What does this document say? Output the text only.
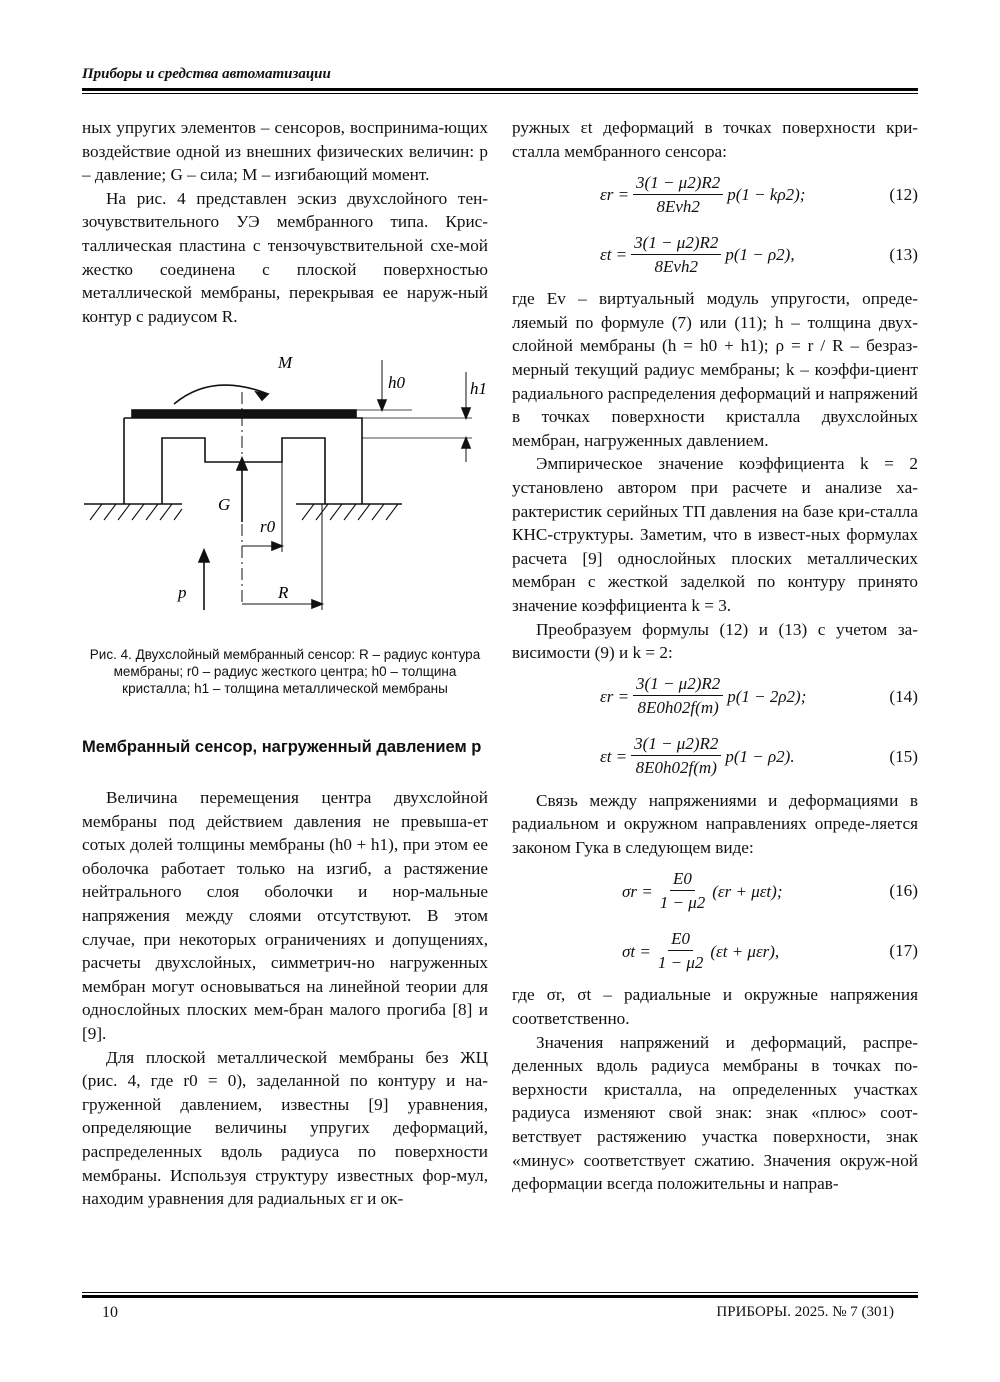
Приборы и средства автоматизации

ных упругих элементов – сенсоров, воспринима-ющих воздействие одной из внешних физических величин: p – давление; G – сила; M – изгибающий момент.

На рис. 4 представлен эскиз двухслойного тен-зочувствительного УЭ мембранного типа. Крис-таллическая пластина с тензочувствительной схе-мой жестко соединена с плоской поверхностью металлической мембраны, перекрывая ее наруж-ный контур с радиусом R.

M
h0	h1
G
r0
p	R
Рис. 4. Двухслойный мембранный сенсор: R – радиус контура мембраны; r0 – радиус жесткого центра; h0 – толщина кристалла; h1 – толщина металлической мембраны
Мембранный сенсор, нагруженный давлением p

Величина перемещения центра двухслойной мембраны под действием давления не превыша-ет сотых долей толщины мембраны (h0 + h1), при этом ее оболочка работает только на изгиб, а растяжение нейтрального слоя оболочки и нор-мальные напряжения между слоями отсутствуют. В этом случае, при некоторых ограничениях и допущениях, расчеты двухслойных, симметрич-но нагруженных мембран могут основываться на линейной теории для однослойных плоских мем-бран малого прогиба [8] и [9].

Для плоской металлической мембраны без ЖЦ (рис. 4, где r0 = 0), заделанной по контуру и на-груженной давлением, известны [9] уравнения, определяющие величины упругих деформаций, распределенных вдоль радиуса по поверхности мембраны. Используя структуру известных фор-мул, находим уравнения для радиальных εr и ок-

ружных εt деформаций в точках поверхности кри-сталла мембранного сенсора:

$\varepsilon r = \frac{3(1 - \mu 2)R2}{\text{8Evh2}} p(1 - k\rho 2)$;	(12)
$\varepsilon t = \frac{3(1 - \mu 2)R2}{\text{8Evh2}} p(1 - \rho 2)$,	(13)

где Ev – виртуальный модуль упругости, опреде-ляемый по формуле (7) или (11); h – толщина двух-слойной мембраны (h = h0 + h1); ρ = r / R – безраз-мерный текущий радиус мембраны; k – коэффи-циент радиального распределения деформаций и напряжений в точках поверхности кристалла двухслойных мембран, нагруженных давлением.

Эмпирическое значение коэффициента k = 2 установлено автором при расчете и анализе ха-рактеристик серийных ТП давления на базе кри-сталла КНС-структуры. Заметим, что в извест-ных формулах расчета [9] однослойных плоских металлических мембран с жесткой заделкой по контуру принято значение коэффициента k = 3.

Преобразуем формулы (12) и (13) с учетом за-висимости (9) и k = 2:

$\varepsilon r = \frac{3(1 - \mu 2)R2}{8E0h02f(m)} p(1 - 2\rho 2)$;	(14)
$\varepsilon t = \frac{3(1 - \mu 2)R2}{8E0h02f(m)} p(1 - \rho 2)$.	(15)

Связь между напряжениями и деформациями в радиальном и окружном направлениях опреде-ляется законом Гука в следующем виде:

$\sigma r = \frac{E0}{1 - \mu 2} (\varepsilon r + \mu\varepsilon t)$;	(16)
$\sigma t = \frac{E0}{1 - \mu 2} (\varepsilon t + \mu\varepsilon r)$,	(17)

где σr, σt – радиальные и окружные напряжения соответственно.

Значения напряжений и деформаций, распре-деленных вдоль радиуса мембраны в точках по-верхности кристалла, на определенных участках радиуса изменяют свой знак: знак «плюс» соот-ветствует растяжению участка поверхности, знак «минус» соответствует сжатию. Значения окруж-ной деформации всегда положительны и направ-

10	ПРИБОРЫ. 2025. № 7 (301)
